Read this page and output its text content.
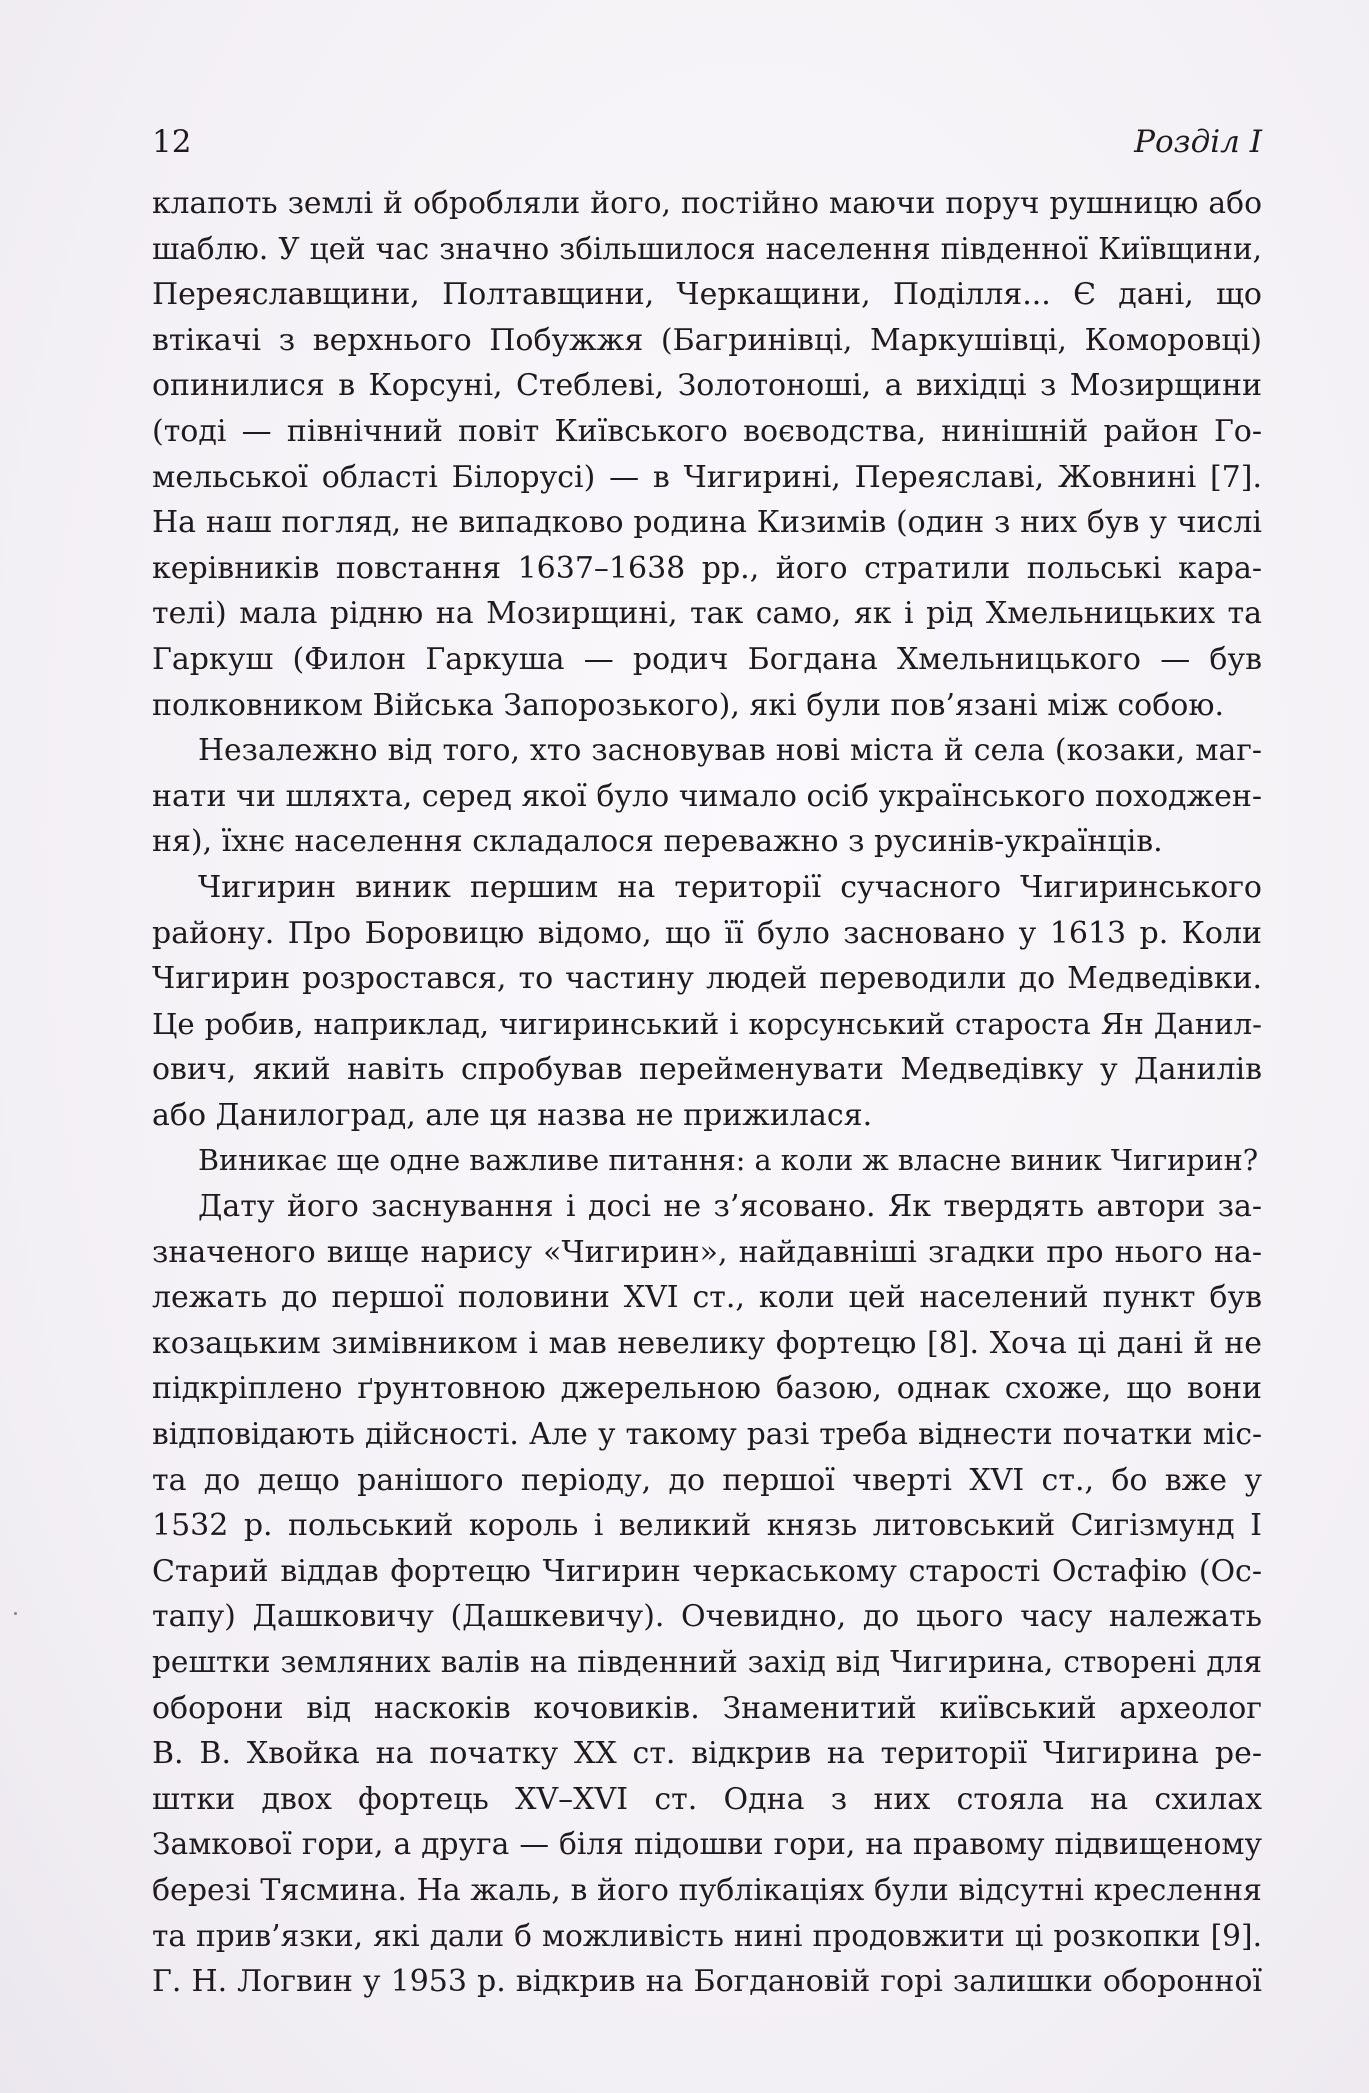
12	Розділ I
клапоть землі й обробляли його, постійно маючи поруч рушницю або
шаблю. У цей час значно збільшилося населення південної Київщини,
Переяславщини, Полтавщини, Черкащини, Поділля... Є дані, що
втікачі з верхнього Побужжя (Багринівці, Маркушівці, Коморовці)
опинилися в Корсуні, Стеблеві, Золотоноші, а вихідці з Мозирщини
(тоді — північний повіт Київського воєводства, нинішній район Го-
мельської області Білорусі) — в Чигирині, Переяславі, Жовнині [7].
На наш погляд, не випадково родина Кизимів (один з них був у числі
керівників повстання 1637–1638 рр., його стратили польські кара-
телі) мала рідню на Мозирщині, так само, як і рід Хмельницьких та
Гаркуш (Филон Гаркуша — родич Богдана Хмельницького — був
полковником Війська Запорозького), які були пов’язані між собою.
Незалежно від того, хто засновував нові міста й села (козаки, маг-
нати чи шляхта, серед якої було чимало осіб українського походжен-
ня), їхнє населення складалося переважно з русинів-українців.
Чигирин виник першим на території сучасного Чигиринського
району. Про Боровицю відомо, що її було засновано у 1613 р. Коли
Чигирин розростався, то частину людей переводили до Медведівки.
Це робив, наприклад, чигиринський і корсунський староста Ян Данил-
ович, який навіть спробував перейменувати Медведівку у Данилів
або Данилоград, але ця назва не прижилася.
Виникає ще одне важливе питання: а коли ж власне виник Чигирин?
Дату його заснування і досі не з’ясовано. Як твердять автори за-
значеного вище нарису «Чигирин», найдавніші згадки про нього на-
лежать до першої половини XVI ст., коли цей населений пункт був
козацьким зимівником і мав невелику фортецю [8]. Хоча ці дані й не
підкріплено ґрунтовною джерельною базою, однак схоже, що вони
відповідають дійсності. Але у такому разі треба віднести початки міс-
та до дещо ранішого періоду, до першої чверті XVI ст., бо вже у
1532 р. польський король і великий князь литовський Сигізмунд I
Старий віддав фортецю Чигирин черкаському старості Остафію (Ос-
тапу) Дашковичу (Дашкевичу). Очевидно, до цього часу належать
рештки земляних валів на південний захід від Чигирина, створені для
оборони від наскоків кочовиків. Знаменитий київський археолог
В. В. Хвойка на початку XX ст. відкрив на території Чигирина ре-
штки двох фортець XV–XVI ст. Одна з них стояла на схилах
Замкової гори, а друга — біля підошви гори, на правому підвищеному
березі Тясмина. На жаль, в його публікаціях були відсутні креслення
та прив’язки, які дали б можливість нині продовжити ці розкопки [9].
Г. Н. Логвин у 1953 р. відкрив на Богдановій горі залишки оборонної
